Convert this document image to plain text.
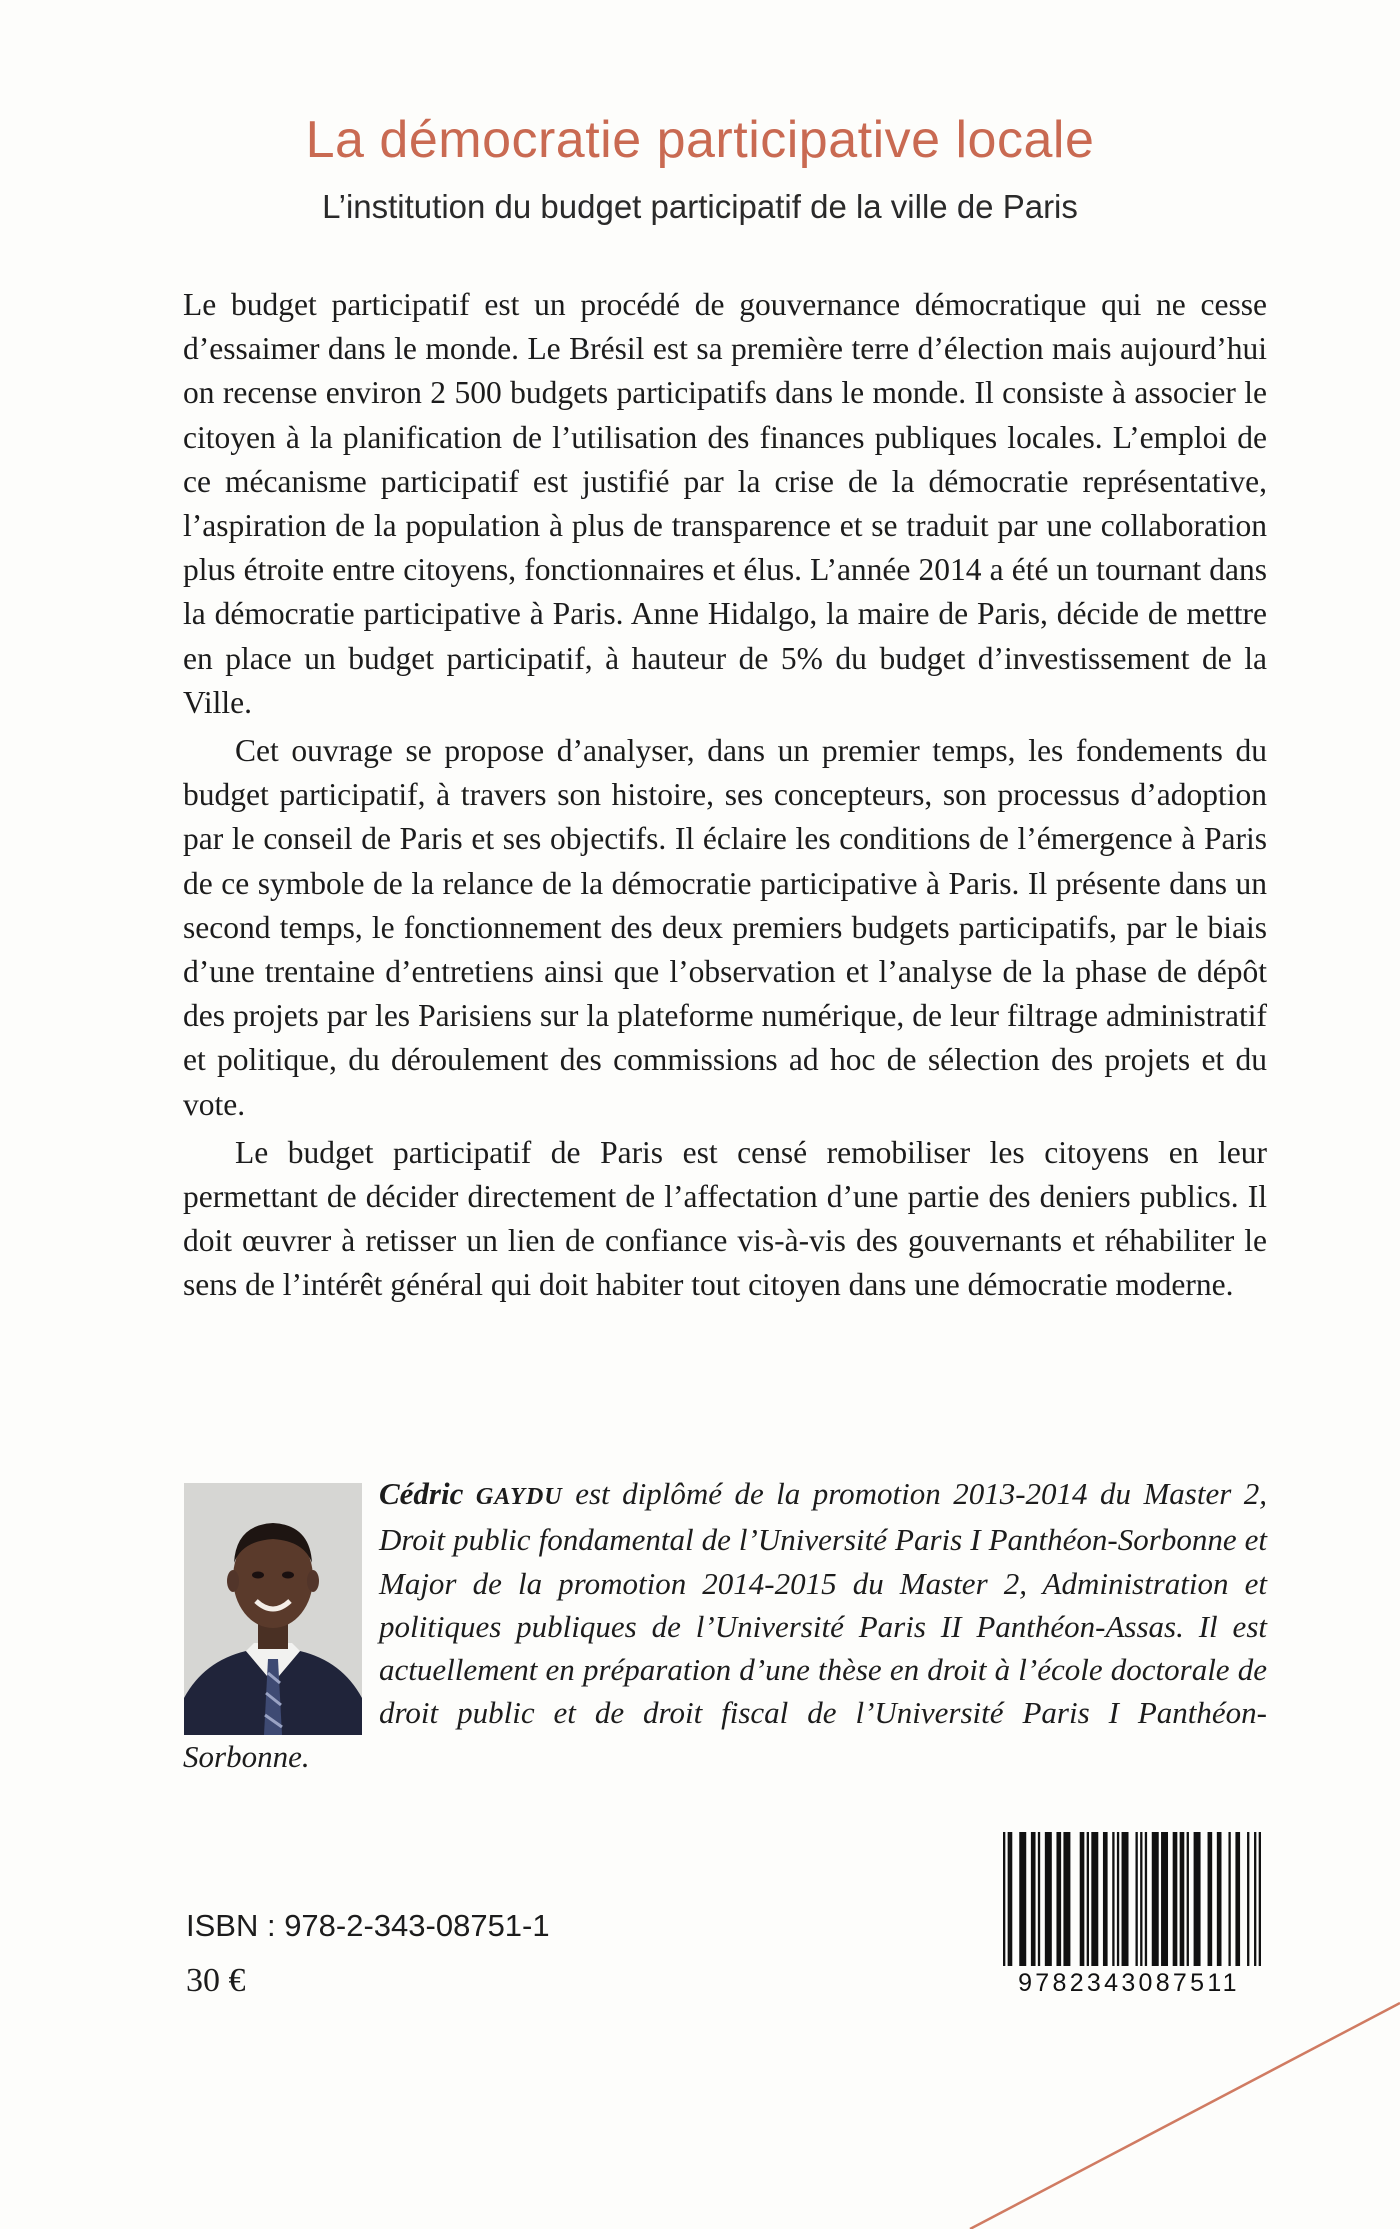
La démocratie participative locale
L’institution du budget participatif de la ville de Paris

Le budget participatif est un procédé de gouvernance démocratique qui ne cesse d’essaimer dans le monde. Le Brésil est sa première terre d’élection mais aujourd’hui on recense environ 2 500 budgets participatifs dans le monde. Il consiste à associer le citoyen à la planification de l’utilisation des finances publiques locales. L’emploi de ce mécanisme participatif est justifié par la crise de la démocratie représentative, l’aspiration de la population à plus de transparence et se traduit par une collaboration plus étroite entre citoyens, fonctionnaires et élus. L’année 2014 a été un tournant dans la démocratie participative à Paris. Anne Hidalgo, la maire de Paris, décide de mettre en place un budget participatif, à hauteur de 5% du budget d’investissement de la Ville.

Cet ouvrage se propose d’analyser, dans un premier temps, les fondements du budget participatif, à travers son histoire, ses concepteurs, son processus d’adoption par le conseil de Paris et ses objectifs. Il éclaire les conditions de l’émergence à Paris de ce symbole de la relance de la démocratie participative à Paris. Il présente dans un second temps, le fonctionnement des deux premiers budgets participatifs, par le biais d’une trentaine d’entretiens ainsi que l’observation et l’analyse de la phase de dépôt des projets par les Parisiens sur la plateforme numérique, de leur filtrage administratif et politique, du déroulement des commissions ad hoc de sélection des projets et du vote.

Le budget participatif de Paris est censé remobiliser les citoyens en leur permettant de décider directement de l’affectation d’une partie des deniers publics. Il doit œuvrer à retisser un lien de confiance vis-à-vis des gouvernants et réhabiliter le sens de l’intérêt général qui doit habiter tout citoyen dans une démocratie moderne.

Cédric GAYDU est diplômé de la promotion 2013-2014 du Master 2, Droit public fondamental de l’Université Paris I Panthéon-Sorbonne et Major de la promotion 2014-2015 du Master 2, Administration et politiques publiques de l’Université Paris II Panthéon-Assas. Il est actuellement en préparation d’une thèse en droit à l’école doctorale de droit public et de droit fiscal de l’Université Paris I Panthéon-Sorbonne.

ISBN : 978-2-343-08751-1
30 €	9782343087511
